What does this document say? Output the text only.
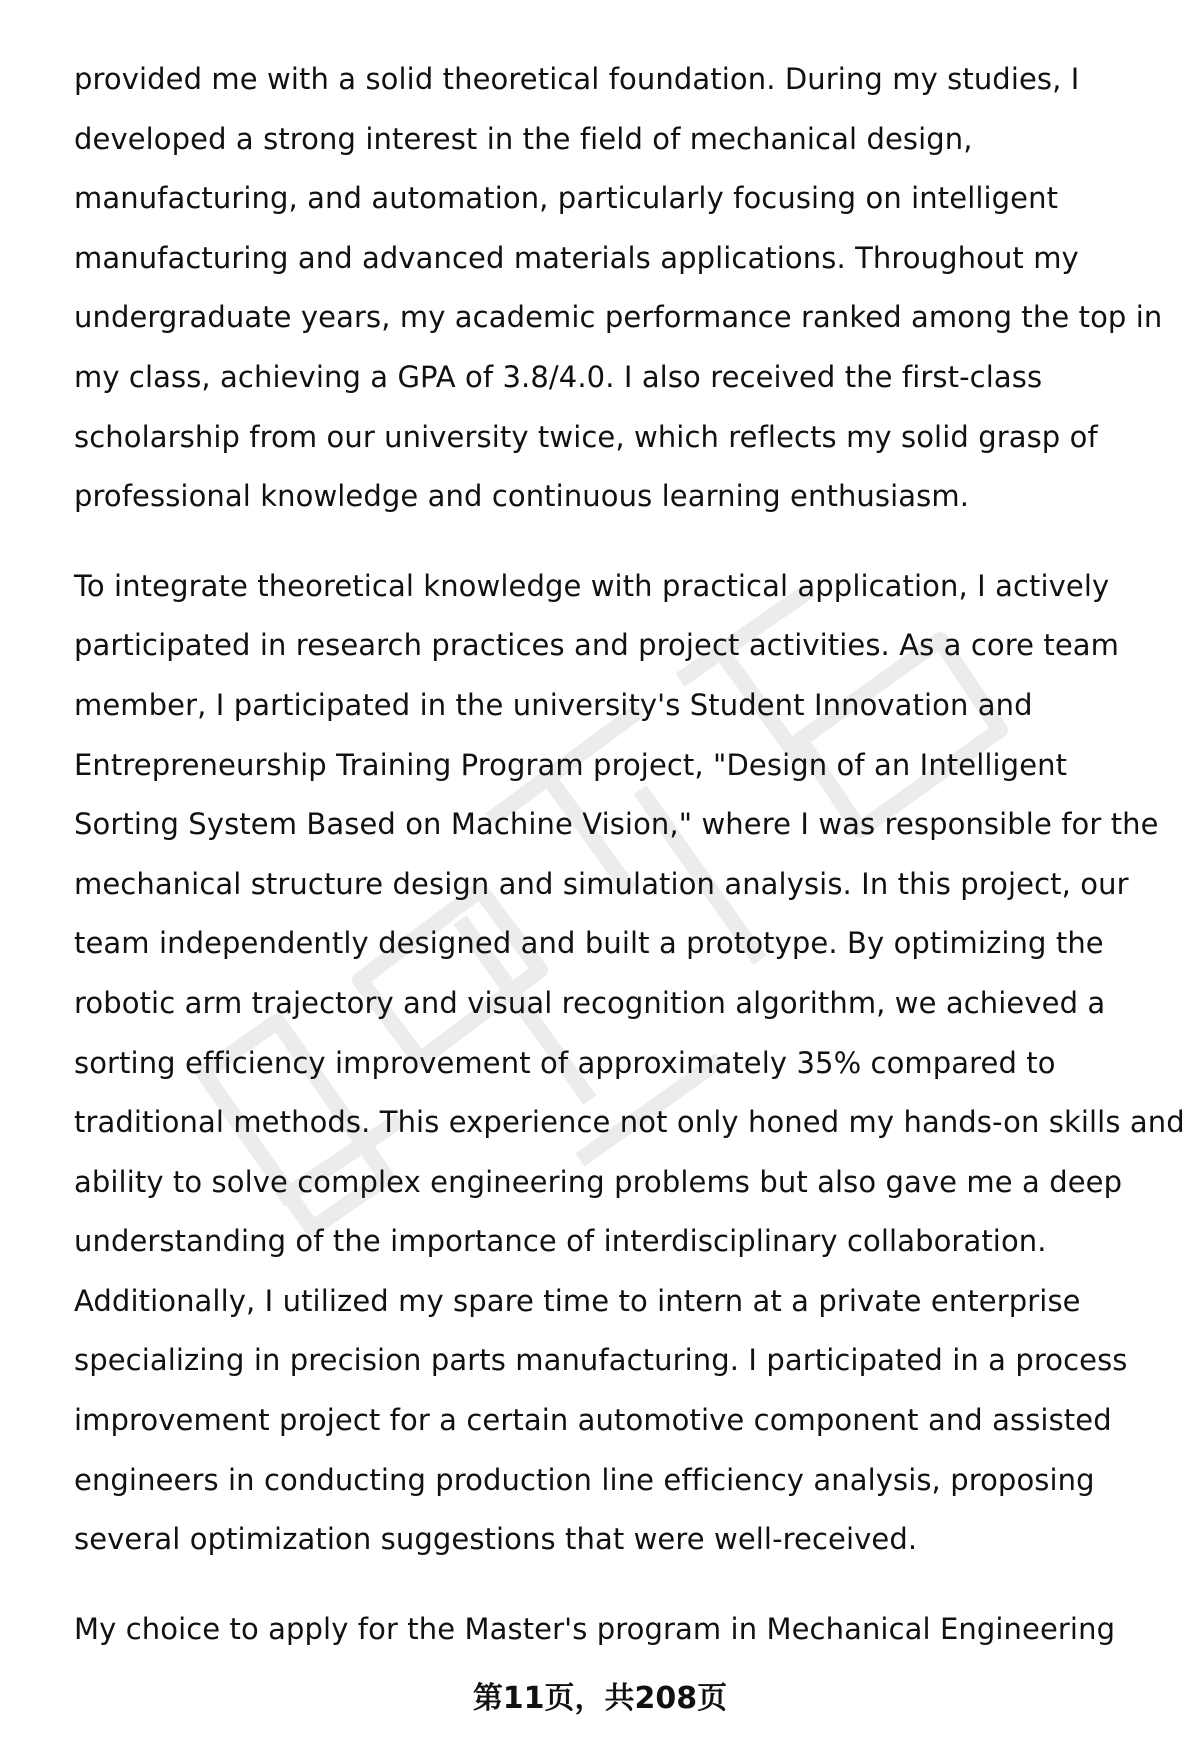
provided me with a solid theoretical foundation. During my studies, I
developed a strong interest in the field of mechanical design,
manufacturing, and automation, particularly focusing on intelligent
manufacturing and advanced materials applications. Throughout my
undergraduate years, my academic performance ranked among the top in
my class, achieving a GPA of 3.8/4.0. I also received the first-class
scholarship from our university twice, which reflects my solid grasp of
professional knowledge and continuous learning enthusiasm.

To integrate theoretical knowledge with practical application, I actively
participated in research practices and project activities. As a core team
member, I participated in the university's Student Innovation and
Entrepreneurship Training Program project, "Design of an Intelligent
Sorting System Based on Machine Vision," where I was responsible for the
mechanical structure design and simulation analysis. In this project, our
team independently designed and built a prototype. By optimizing the
robotic arm trajectory and visual recognition algorithm, we achieved a
sorting efficiency improvement of approximately 35% compared to
traditional methods. This experience not only honed my hands-on skills and
ability to solve complex engineering problems but also gave me a deep
understanding of the importance of interdisciplinary collaboration.
Additionally, I utilized my spare time to intern at a private enterprise
specializing in precision parts manufacturing. I participated in a process
improvement project for a certain automotive component and assisted
engineers in conducting production line efficiency analysis, proposing
several optimization suggestions that were well-received.

My choice to apply for the Master's program in Mechanical Engineering

第11页，共208页
